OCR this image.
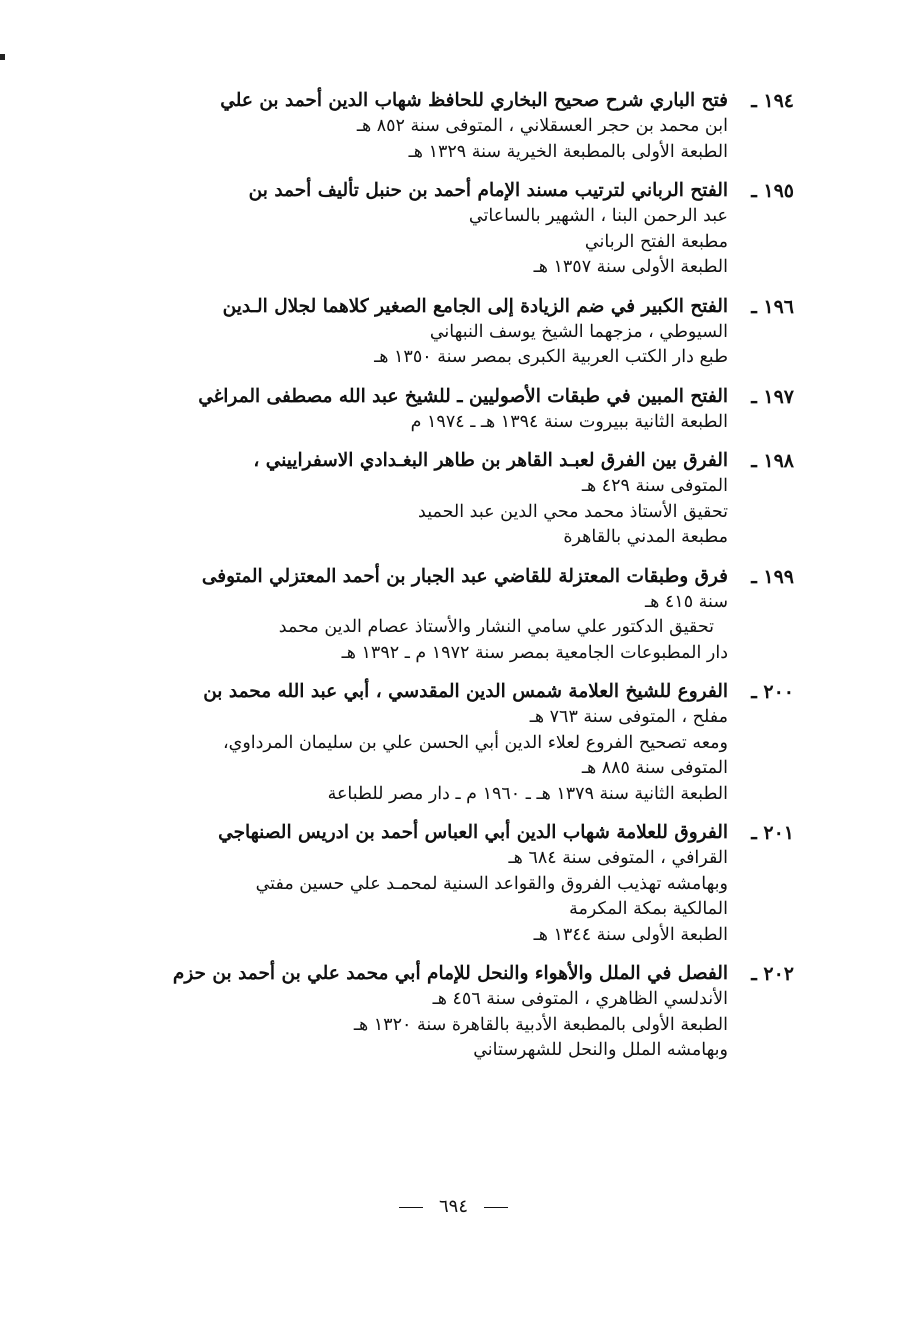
١٩٤ ـ
فتح الباري شرح صحيح البخاري للحافظ شهاب الدين أحمد بن علي
ابن محمد بن حجر العسقلاني ، المتوفى سنة ٨٥٢ هـ
الطبعة الأولى بالمطبعة الخيرية سنة ١٣٢٩ هـ
١٩٥ ـ
الفتح الرباني لترتيب مسند الإمام أحمد بن حنبل تأليف أحمد بن
عبد الرحمن البنا ، الشهير بالساعاتي
مطبعة الفتح الرباني
الطبعة الأولى سنة ١٣٥٧ هـ
١٩٦ ـ
الفتح الكبير في ضم الزيادة إلى الجامع الصغير كلاهما لجلال الـدين
السيوطي ، مزجهما الشيخ يوسف النبهاني
طبع دار الكتب العربية الكبرى بمصر سنة ١٣٥٠ هـ
١٩٧ ـ
الفتح المبين في طبقات الأصوليين ـ للشيخ عبد الله مصطفى المراغي
الطبعة الثانية ببيروت سنة ١٣٩٤ هـ ـ ١٩٧٤ م
١٩٨ ـ
الفرق بين الفرق لعبـد القاهر بن طاهر البغـدادي الاسفراييني ،
المتوفى سنة ٤٢٩ هـ
تحقيق الأستاذ محمد محي الدين عبد الحميد
مطبعة المدني بالقاهرة
١٩٩ ـ
فرق وطبقات المعتزلة للقاضي عبد الجبار بن أحمد المعتزلي المتوفى
سنة ٤١٥ هـ
تحقيق الدكتور علي سامي النشار والأستاذ عصام الدين محمد
دار المطبوعات الجامعية بمصر سنة ١٩٧٢ م ـ ١٣٩٢ هـ
٢٠٠ ـ
الفروع للشيخ العلامة شمس الدين المقدسي ، أبي عبد الله محمد بن
مفلح ، المتوفى سنة ٧٦٣ هـ
ومعه تصحيح الفروع لعلاء الدين أبي الحسن علي بن سليمان المرداوي،
المتوفى سنة ٨٨٥ هـ
الطبعة الثانية سنة ١٣٧٩ هـ ـ ١٩٦٠ م ـ دار مصر للطباعة
٢٠١ ـ
الفروق للعلامة شهاب الدين أبي العباس أحمد بن ادريس الصنهاجي
القرافي ، المتوفى سنة ٦٨٤ هـ
وبهامشه تهذيب الفروق والقواعد السنية لمحمـد علي حسين مفتي
المالكية بمكة المكرمة
الطبعة الأولى سنة ١٣٤٤ هـ
٢٠٢ ـ
الفصل في الملل والأهواء والنحل للإمام أبي محمد علي بن أحمد بن حزم
الأندلسي الظاهري ، المتوفى سنة ٤٥٦ هـ
الطبعة الأولى بالمطبعة الأدبية بالقاهرة سنة ١٣٢٠ هـ
وبهامشه الملل والنحل للشهرستاني
٦٩٤
